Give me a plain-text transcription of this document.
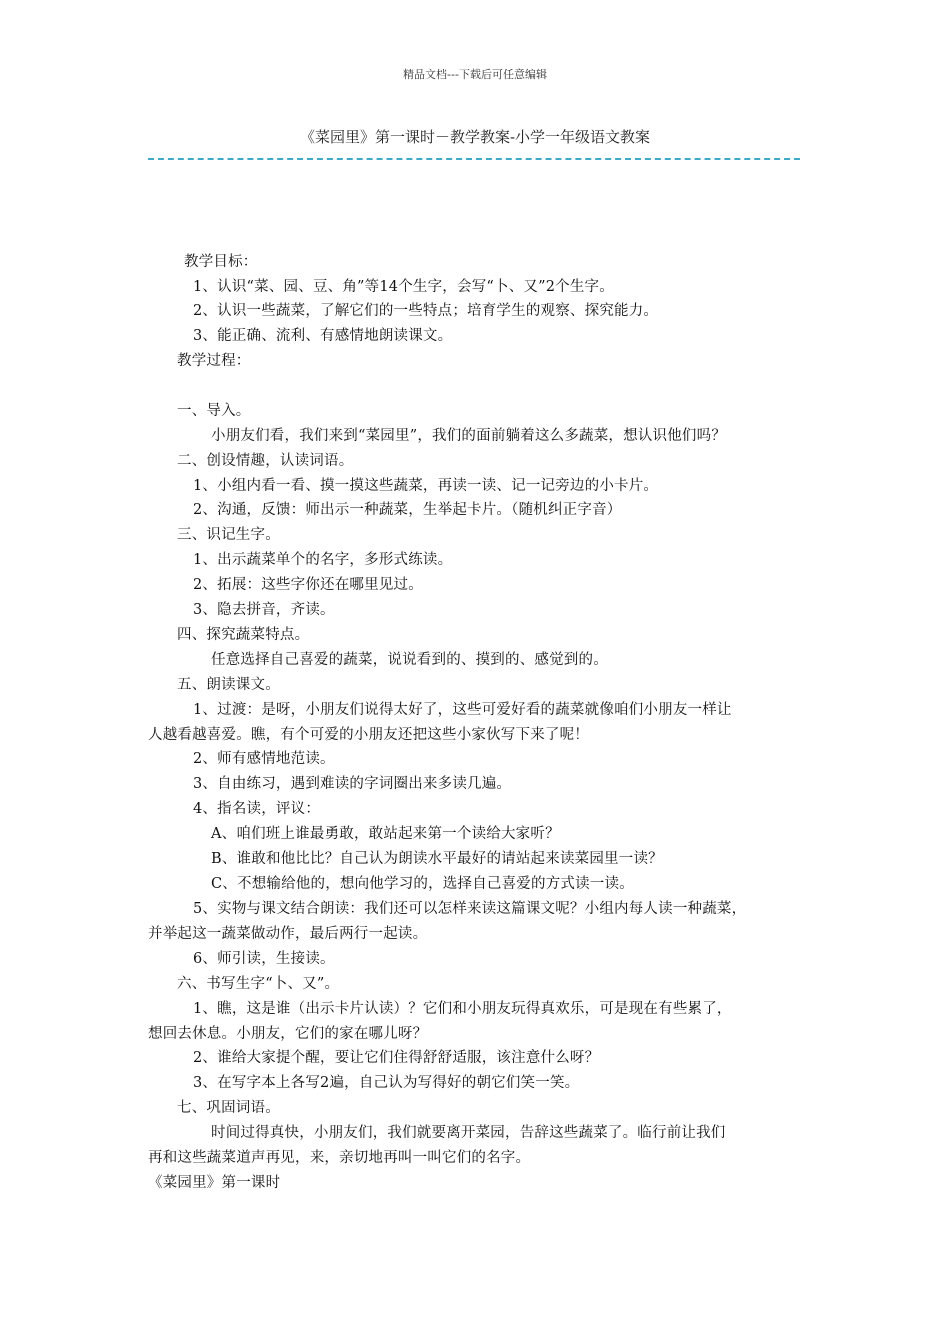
精品文档---下载后可任意编辑
《菜园里》第一课时－教学教案-小学一年级语文教案
教学目标：
1、认识“菜、园、豆、角”等14个生字，会写“卜、又”2个生字。
2、认识一些蔬菜，了解它们的一些特点；培育学生的观察、探究能力。
3、能正确、流利、有感情地朗读课文。
教学过程：
一、导入。
小朋友们看，我们来到“菜园里”，我们的面前躺着这么多蔬菜，想认识他们吗？
二、创设情趣，认读词语。
1、小组内看一看、摸一摸这些蔬菜，再读一读、记一记旁边的小卡片。
2、沟通，反馈：师出示一种蔬菜，生举起卡片。（随机纠正字音）
三、识记生字。
1、出示蔬菜单个的名字，多形式练读。
2、拓展：这些字你还在哪里见过。
3、隐去拼音，齐读。
四、探究蔬菜特点。
任意选择自己喜爱的蔬菜，说说看到的、摸到的、感觉到的。
五、朗读课文。
1、过渡：是呀，小朋友们说得太好了，这些可爱好看的蔬菜就像咱们小朋友一样让
人越看越喜爱。瞧，有个可爱的小朋友还把这些小家伙写下来了呢！
2、师有感情地范读。
3、自由练习，遇到难读的字词圈出来多读几遍。
4、指名读，评议：
A、咱们班上谁最勇敢，敢站起来第一个读给大家听？
B、谁敢和他比比？自己认为朗读水平最好的请站起来读菜园里一读？
C、不想输给他的，想向他学习的，选择自己喜爱的方式读一读。
5、实物与课文结合朗读：我们还可以怎样来读这篇课文呢？小组内每人读一种蔬菜，
并举起这一蔬菜做动作，最后两行一起读。
6、师引读，生接读。
六、书写生字“卜、又”。
1、瞧，这是谁（出示卡片认读）？它们和小朋友玩得真欢乐，可是现在有些累了，
想回去休息。小朋友，它们的家在哪儿呀？
2、谁给大家提个醒，要让它们住得舒舒适服，该注意什么呀？
3、在写字本上各写2遍，自己认为写得好的朝它们笑一笑。
七、巩固词语。
时间过得真快，小朋友们，我们就要离开菜园，告辞这些蔬菜了。临行前让我们
再和这些蔬菜道声再见，来，亲切地再叫一叫它们的名字。
《菜园里》第一课时
